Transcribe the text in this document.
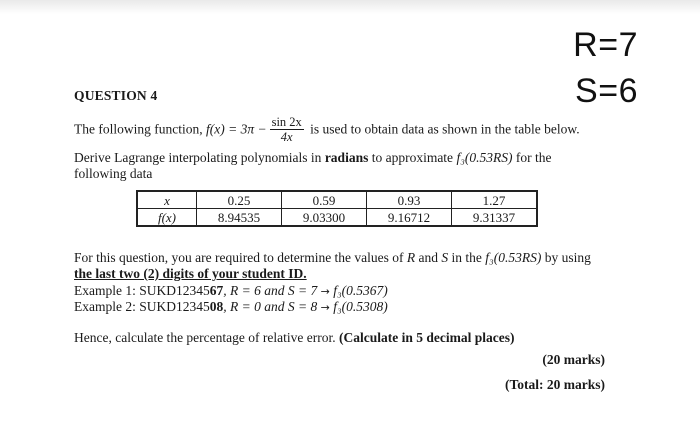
R=7
S=6
QUESTION 4
The following function, $f(x) = 3\pi - \frac{\sin 2x}{4x}$ is used to obtain data as shown in the table below.
Derive Lagrange interpolating polynomials in radians to approximate f₃(0.53RS) for the
following data
x	0.25	0.59	0.93	1.27
f(x)	8.94535	9.03300	9.16712	9.31337
For this question, you are required to determine the values of R and S in the f₃(0.53RS) by using
the last two (2) digits of your student ID.
Example 1: SUKD1234567, R = 6 and S = 7 → f₃(0.5367)
Example 2: SUKD1234508, R = 0 and S = 8 → f₃(0.5308)
Hence, calculate the percentage of relative error. (Calculate in 5 decimal places)
(20 marks)
(Total: 20 marks)
